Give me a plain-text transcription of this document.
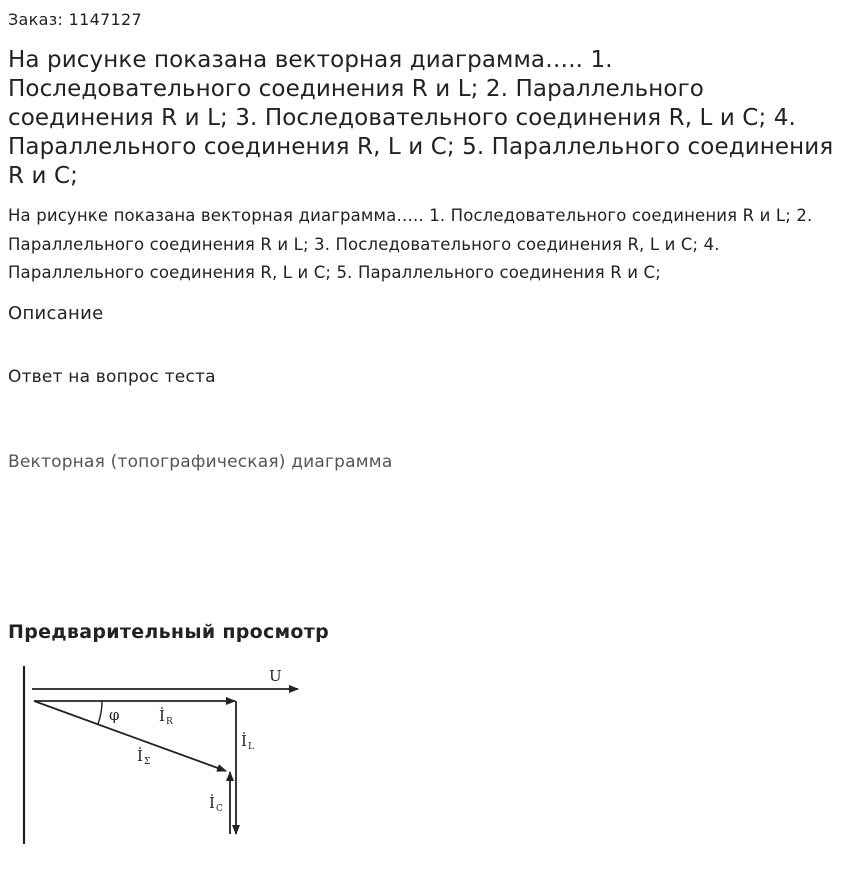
Заказ: 1147127
На рисунке показана векторная диаграмма….. 1. Последовательного соединения R и L; 2. Параллельного соединения R и L; 3. Последовательного соединения R, L и C; 4. Параллельного соединения R, L и C; 5. Параллельного соединения R и C;
На рисунке показана векторная диаграмма….. 1. Последовательного соединения R и L; 2. Параллельного соединения R и L; 3. Последовательного соединения R, L и C; 4. Параллельного соединения R, L и C; 5. Параллельного соединения R и C;
Описание
Ответ на вопрос теста
Векторная (топографическая) диаграмма
Предварительный просмотр
U
φ	İ R
İ L
İ Σ
İ C
